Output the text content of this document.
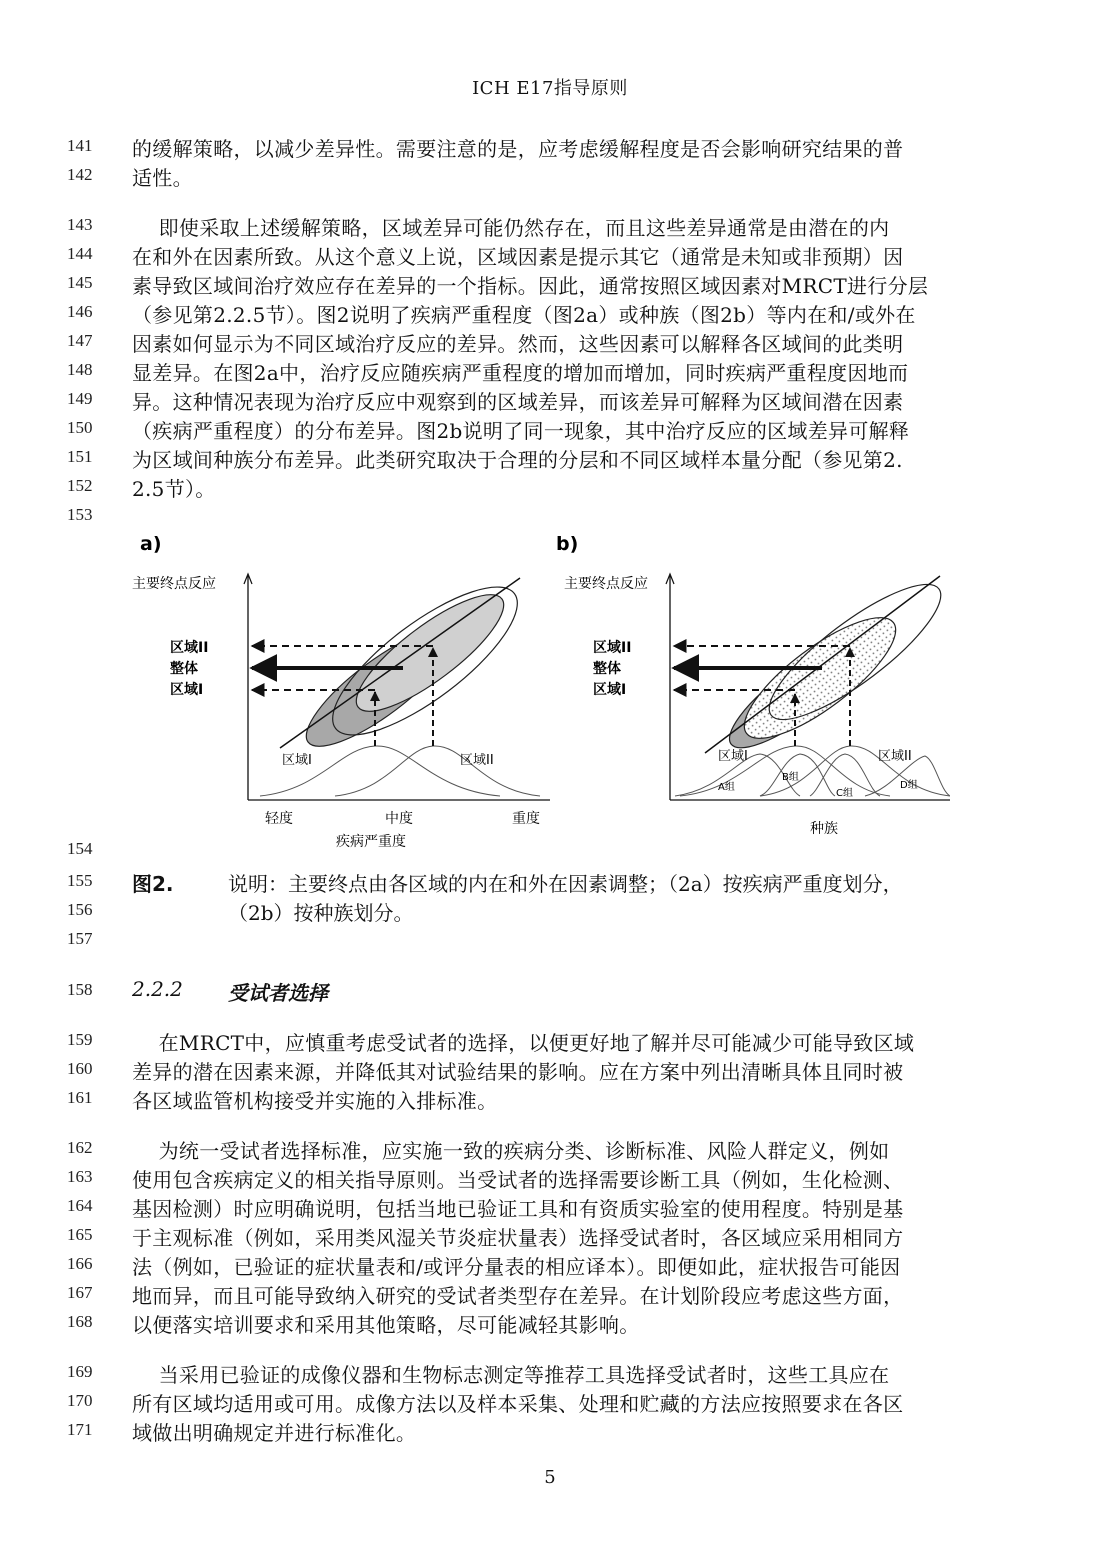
ICH E17指导原则
141
142
143
144
145
146
147
148
149
150
151
152
153
154
155
156
157
158
159
160
161
162
163
164
165
166
167
168
169
170
171
的缓解策略，以减少差异性。需要注意的是，应考虑缓解程度是否会影响研究结果的普
适性。
即使采取上述缓解策略，区域差异可能仍然存在，而且这些差异通常是由潜在的内
在和外在因素所致。从这个意义上说，区域因素是提示其它（通常是未知或非预期）因
素导致区域间治疗效应存在差异的一个指标。因此，通常按照区域因素对MRCT进行分层
（参见第2.2.5节）。图2说明了疾病严重程度（图2a）或种族（图2b）等内在和/或外在
因素如何显示为不同区域治疗反应的差异。然而，这些因素可以解释各区域间的此类明
显差异。在图2a中，治疗反应随疾病严重程度的增加而增加，同时疾病严重程度因地而
异。这种情况表现为治疗反应中观察到的区域差异，而该差异可解释为区域间潜在因素
（疾病严重程度）的分布差异。图2b说明了同一现象，其中治疗反应的区域差异可解释
为区域间种族分布差异。此类研究取决于合理的分层和不同区域样本量分配（参见第2.
2.5节）。
a)
主要终点反应
区域II
整体
区域I
区域I	区域II
轻度	中度	重度
疾病严重度
b)
主要终点反应
区域II
整体
区域I
区域I	区域II
A组
B组
C组
D组
种族
图2.	说明：主要终点由各区域的内在和外在因素调整；（2a）按疾病严重度划分，
（2b）按种族划分。
2.2.2 受试者选择
在MRCT中，应慎重考虑受试者的选择，以便更好地了解并尽可能减少可能导致区域
差异的潜在因素来源，并降低其对试验结果的影响。应在方案中列出清晰具体且同时被
各区域监管机构接受并实施的入排标准。
为统一受试者选择标准，应实施一致的疾病分类、诊断标准、风险人群定义，例如
使用包含疾病定义的相关指导原则。当受试者的选择需要诊断工具（例如，生化检测、
基因检测）时应明确说明，包括当地已验证工具和有资质实验室的使用程度。特别是基
于主观标准（例如，采用类风湿关节炎症状量表）选择受试者时，各区域应采用相同方
法（例如，已验证的症状量表和/或评分量表的相应译本）。即便如此，症状报告可能因
地而异，而且可能导致纳入研究的受试者类型存在差异。在计划阶段应考虑这些方面，
以便落实培训要求和采用其他策略，尽可能减轻其影响。
当采用已验证的成像仪器和生物标志测定等推荐工具选择受试者时，这些工具应在
所有区域均适用或可用。成像方法以及样本采集、处理和贮藏的方法应按照要求在各区
域做出明确规定并进行标准化。
5
